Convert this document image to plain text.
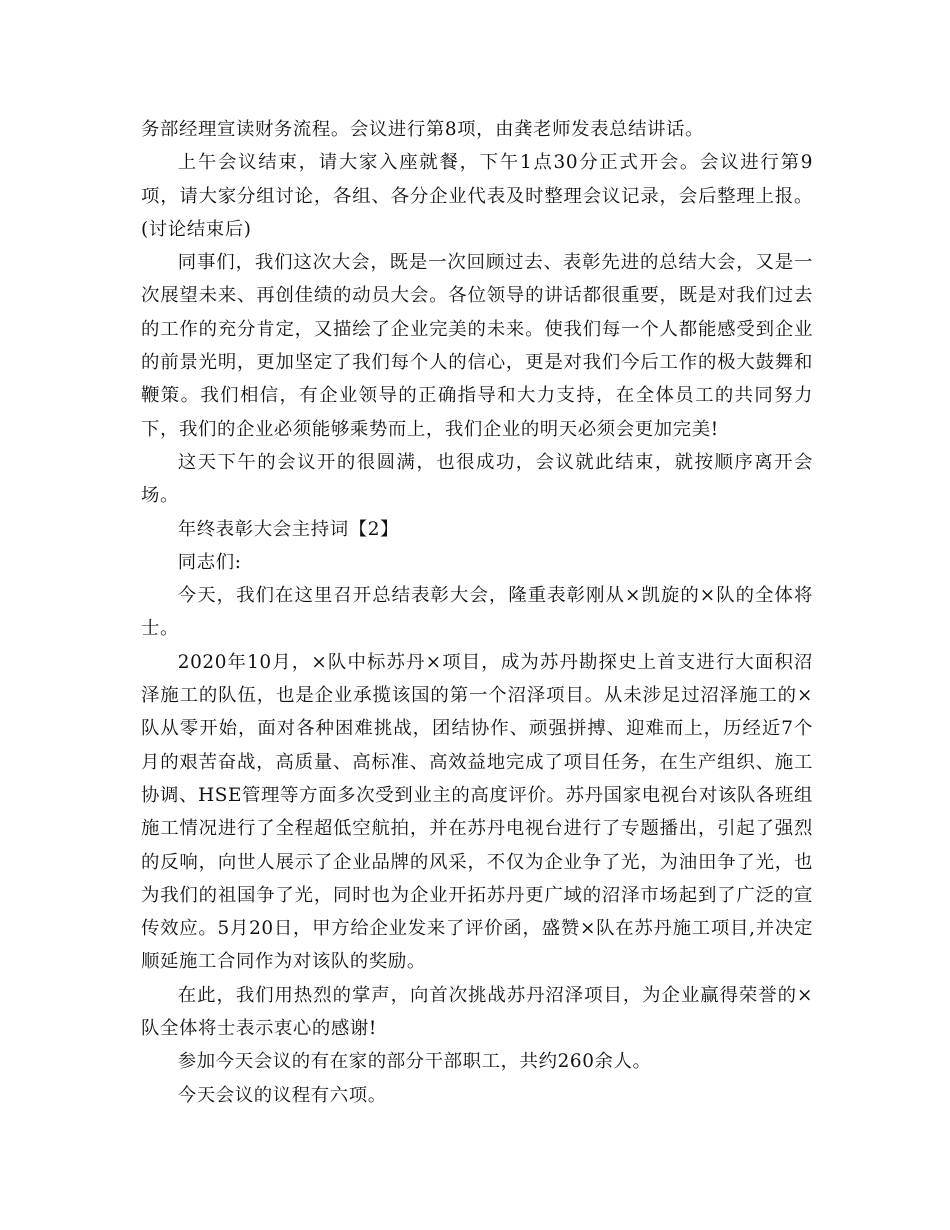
务部经理宣读财务流程。会议进行第8项，由龚老师发表总结讲话。

上午会议结束，请大家入座就餐，下午1点30分正式开会。会议进行第9项，请大家分组讨论，各组、各分企业代表及时整理会议记录，会后整理上报。(讨论结束后)

同事们，我们这次大会，既是一次回顾过去、表彰先进的总结大会，又是一次展望未来、再创佳绩的动员大会。各位领导的讲话都很重要，既是对我们过去的工作的充分肯定，又描绘了企业完美的未来。使我们每一个人都能感受到企业的前景光明，更加坚定了我们每个人的信心，更是对我们今后工作的极大鼓舞和鞭策。我们相信，有企业领导的正确指导和大力支持，在全体员工的共同努力下，我们的企业必须能够乘势而上，我们企业的明天必须会更加完美!

这天下午的会议开的很圆满，也很成功，会议就此结束，就按顺序离开会场。

年终表彰大会主持词【2】

同志们:

今天，我们在这里召开总结表彰大会，隆重表彰刚从×凯旋的×队的全体将士。

2020年10月，×队中标苏丹×项目，成为苏丹勘探史上首支进行大面积沼泽施工的队伍，也是企业承揽该国的第一个沼泽项目。从未涉足过沼泽施工的×队从零开始，面对各种困难挑战，团结协作、顽强拼搏、迎难而上，历经近7个月的艰苦奋战，高质量、高标准、高效益地完成了项目任务，在生产组织、施工协调、HSE管理等方面多次受到业主的高度评价。苏丹国家电视台对该队各班组施工情况进行了全程超低空航拍，并在苏丹电视台进行了专题播出，引起了强烈的反响，向世人展示了企业品牌的风采，不仅为企业争了光，为油田争了光，也为我们的祖国争了光，同时也为企业开拓苏丹更广域的沼泽市场起到了广泛的宣传效应。5月20日，甲方给企业发来了评价函，盛赞×队在苏丹施工项目,并决定顺延施工合同作为对该队的奖励。

在此，我们用热烈的掌声，向首次挑战苏丹沼泽项目，为企业赢得荣誉的×队全体将士表示衷心的感谢!

参加今天会议的有在家的部分干部职工，共约260余人。

今天会议的议程有六项。
